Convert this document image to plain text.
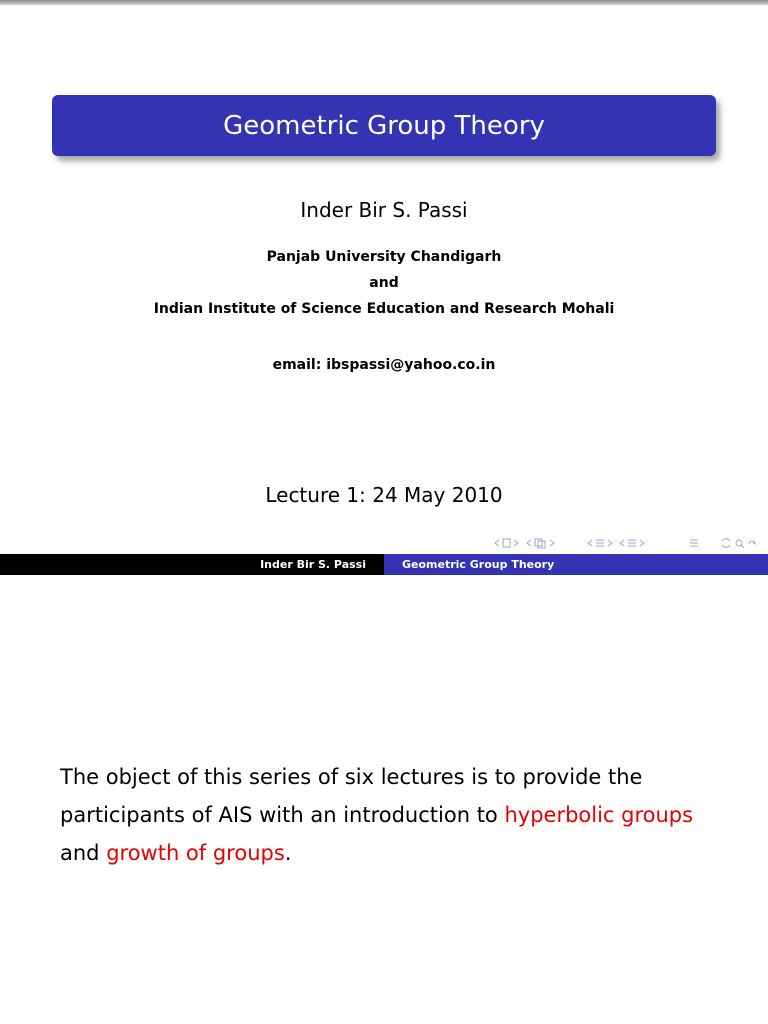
Geometric Group Theory
Inder Bir S. Passi
Panjab University Chandigarh
and
Indian Institute of Science Education and Research Mohali
email: ibspassi@yahoo.co.in
Lecture 1: 24 May 2010
Inder Bir S. Passi	Geometric Group Theory
The object of this series of six lectures is to provide the participants of AIS with an introduction to hyperbolic groups and growth of groups.
